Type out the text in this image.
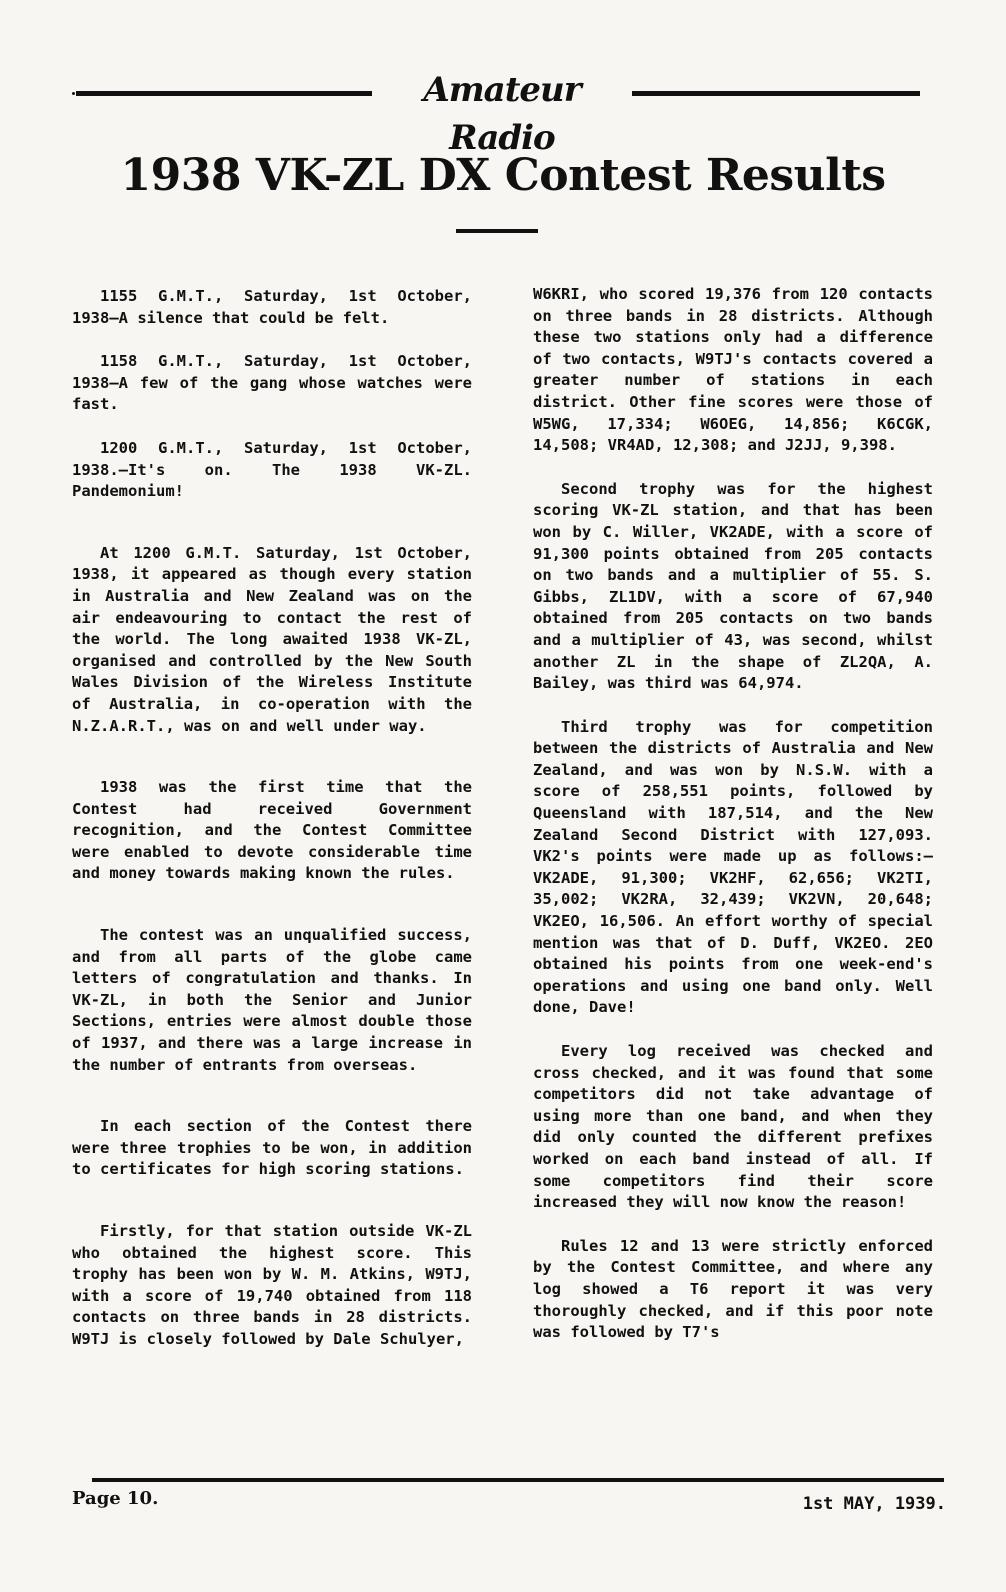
Amateur Radio
1938 VK-ZL DX Contest Results

1155 G.M.T., Saturday, 1st October, 1938—A silence that could be felt.

1158 G.M.T., Saturday, 1st October, 1938—A few of the gang whose watches were fast.

1200 G.M.T., Saturday, 1st October, 1938.—It's on. The 1938 VK-ZL. Pandemonium!

At 1200 G.M.T. Saturday, 1st October, 1938, it appeared as though every station in Australia and New Zealand was on the air endeavouring to contact the rest of the world. The long awaited 1938 VK-ZL, organised and controlled by the New South Wales Division of the Wireless Institute of Australia, in co-operation with the N.Z.A.R.T., was on and well under way.

1938 was the first time that the Contest had received Government recognition, and the Contest Committee were enabled to devote considerable time and money towards making known the rules.

The contest was an unqualified success, and from all parts of the globe came letters of congratulation and thanks. In VK-ZL, in both the Senior and Junior Sections, entries were almost double those of 1937, and there was a large increase in the number of entrants from overseas.

In each section of the Contest there were three trophies to be won, in addition to certificates for high scoring stations.

Firstly, for that station outside VK-ZL who obtained the highest score. This trophy has been won by W. M. Atkins, W9TJ, with a score of 19,740 obtained from 118 contacts on three bands in 28 districts. W9TJ is closely followed by Dale Schulyer,

W6KRI, who scored 19,376 from 120 contacts on three bands in 28 districts. Although these two stations only had a difference of two contacts, W9TJ's contacts covered a greater number of stations in each district. Other fine scores were those of W5WG, 17,334; W6OEG, 14,856; K6CGK, 14,508; VR4AD, 12,308; and J2JJ, 9,398.

Second trophy was for the highest scoring VK-ZL station, and that has been won by C. Willer, VK2ADE, with a score of 91,300 points obtained from 205 contacts on two bands and a multiplier of 55. S. Gibbs, ZL1DV, with a score of 67,940 obtained from 205 contacts on two bands and a multiplier of 43, was second, whilst another ZL in the shape of ZL2QA, A. Bailey, was third was 64,974.

Third trophy was for competition between the districts of Australia and New Zealand, and was won by N.S.W. with a score of 258,551 points, followed by Queensland with 187,514, and the New Zealand Second District with 127,093. VK2's points were made up as follows:—VK2ADE, 91,300; VK2HF, 62,656; VK2TI, 35,002; VK2RA, 32,439; VK2VN, 20,648; VK2EO, 16,506. An effort worthy of special mention was that of D. Duff, VK2EO. 2EO obtained his points from one week-end's operations and using one band only. Well done, Dave!

Every log received was checked and cross checked, and it was found that some competitors did not take advantage of using more than one band, and when they did only counted the different prefixes worked on each band instead of all. If some competitors find their score increased they will now know the reason!

Rules 12 and 13 were strictly enforced by the Contest Committee, and where any log showed a T6 report it was very thoroughly checked, and if this poor note was followed by T7's

Page 10.	1st MAY, 1939.
